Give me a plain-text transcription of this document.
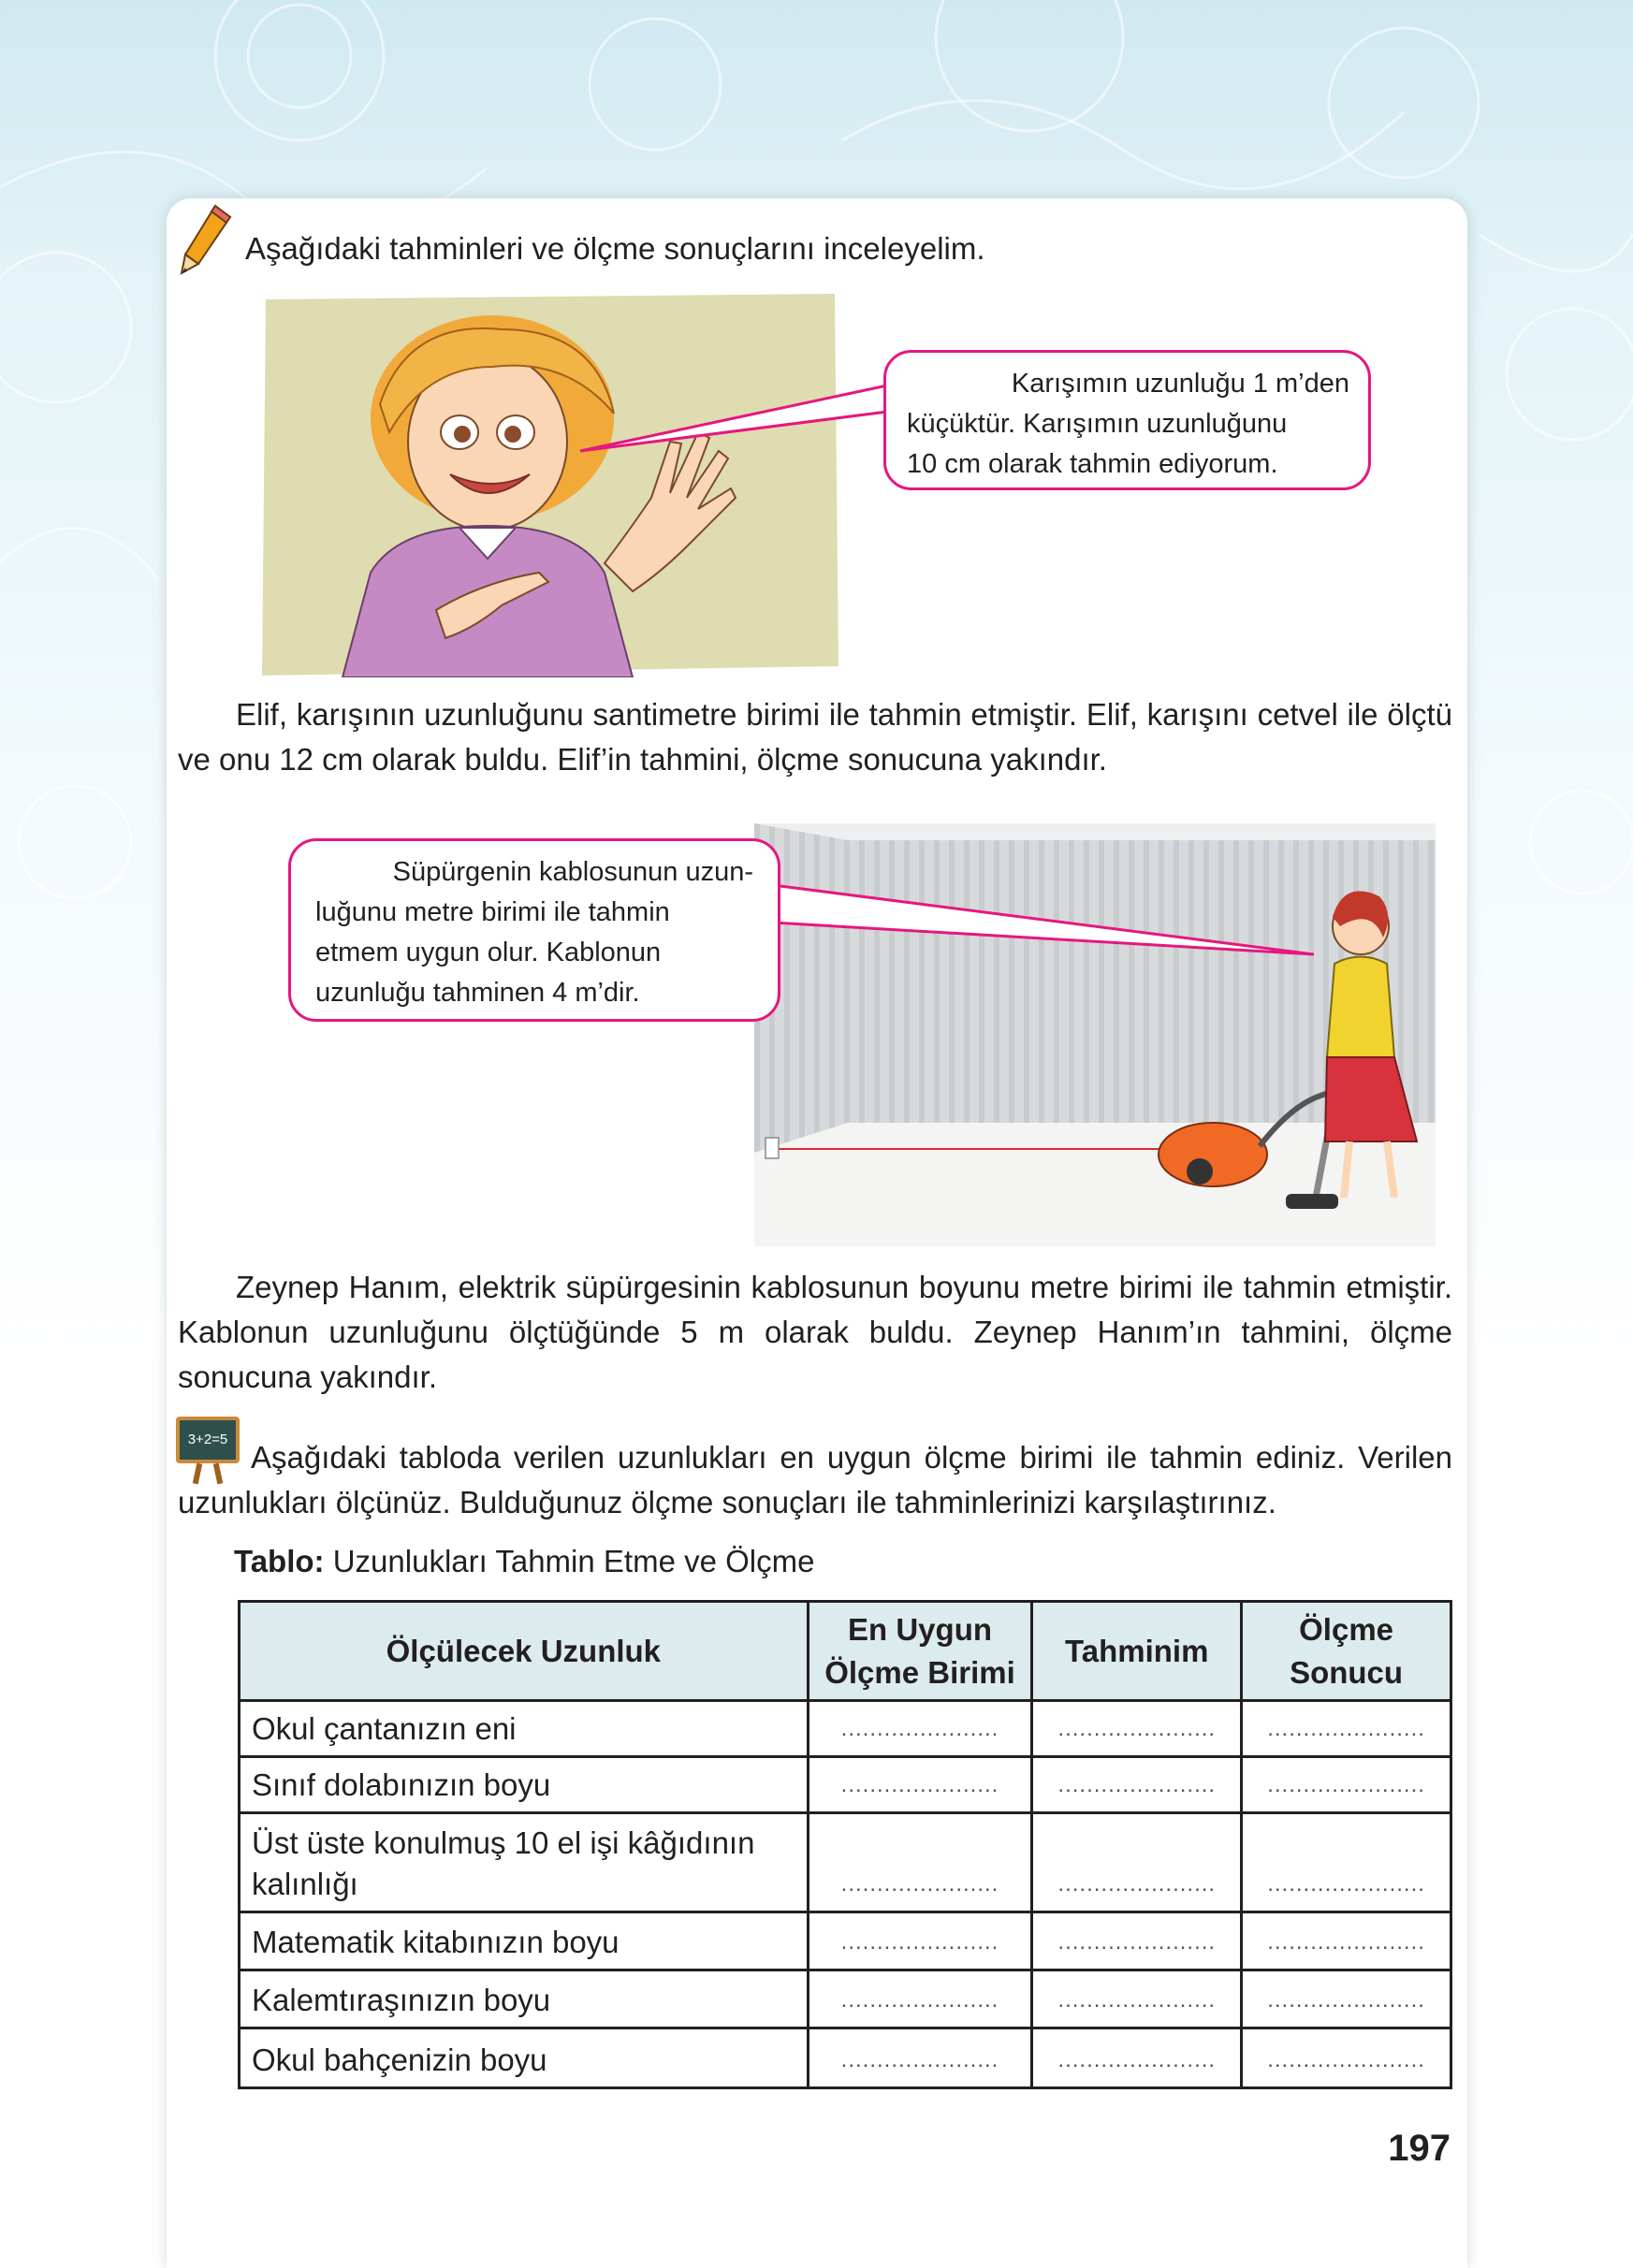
Aşağıdaki tahminleri ve ölçme sonuçlarını inceleyelim.
Karışımın uzunluğu 1 m’den
küçüktür. Karışımın uzunluğunu
10 cm olarak tahmin ediyorum.
Elif, karışının uzunluğunu santimetre birimi ile tahmin etmiştir. Elif, karışını cetvel ile ölçtü ve onu 12 cm olarak buldu. Elif’in tahmini, ölçme sonucuna yakındır.
Süpürgenin kablosunun uzun-
luğunu metre birimi ile tahmin
etmem uygun olur. Kablonun
uzunluğu tahminen 4 m’dir.
Zeynep Hanım, elektrik süpürgesinin kablosunun boyunu metre birimi ile tahmin etmiştir. Kablonun uzunluğunu ölçtüğünde 5 m olarak buldu. Zeynep Hanım’ın tahmini, ölçme sonucuna yakındır.
3+2=5
Aşağıdaki tabloda verilen uzunlukları en uygun ölçme birimi ile tahmin ediniz. Verilen uzunlukları ölçünüz. Bulduğunuz ölçme sonuçları ile tahminlerinizi karşılaştırınız.
Tablo: Uzunlukları Tahmin Etme ve Ölçme
Ölçülecek Uzunluk	En Uygun Ölçme Birimi	Tahminim	Ölçme Sonucu
Okul çantanızın eni	......................	......................	......................
Sınıf dolabınızın boyu	......................	......................	......................
Üst üste konulmuş 10 el işi kâğıdının kalınlığı	......................	......................	......................
Matematik kitabınızın boyu	......................	......................	......................
Kalemtıraşınızın boyu	......................	......................	......................
Okul bahçenizin boyu	......................	......................	......................
197
